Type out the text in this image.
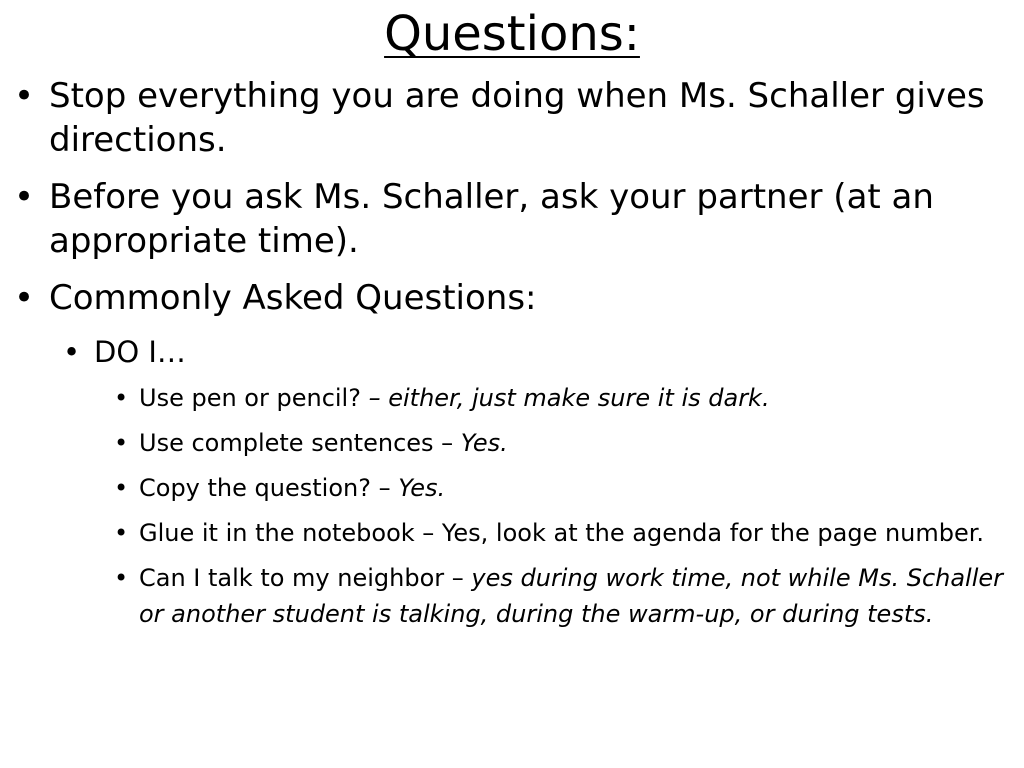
Questions:
• Stop everything you are doing when Ms. Schaller gives directions.
• Before you ask Ms. Schaller, ask your partner (at an appropriate time).
• Commonly Asked Questions:
• DO I…
• Use pen or pencil? – either, just make sure it is dark.
• Use complete sentences – Yes.
• Copy the question? – Yes.
• Glue it in the notebook – Yes, look at the agenda for the page number.
• Can I talk to my neighbor – yes during work time, not while Ms. Schaller or another student is talking, during the warm-up, or during tests.
